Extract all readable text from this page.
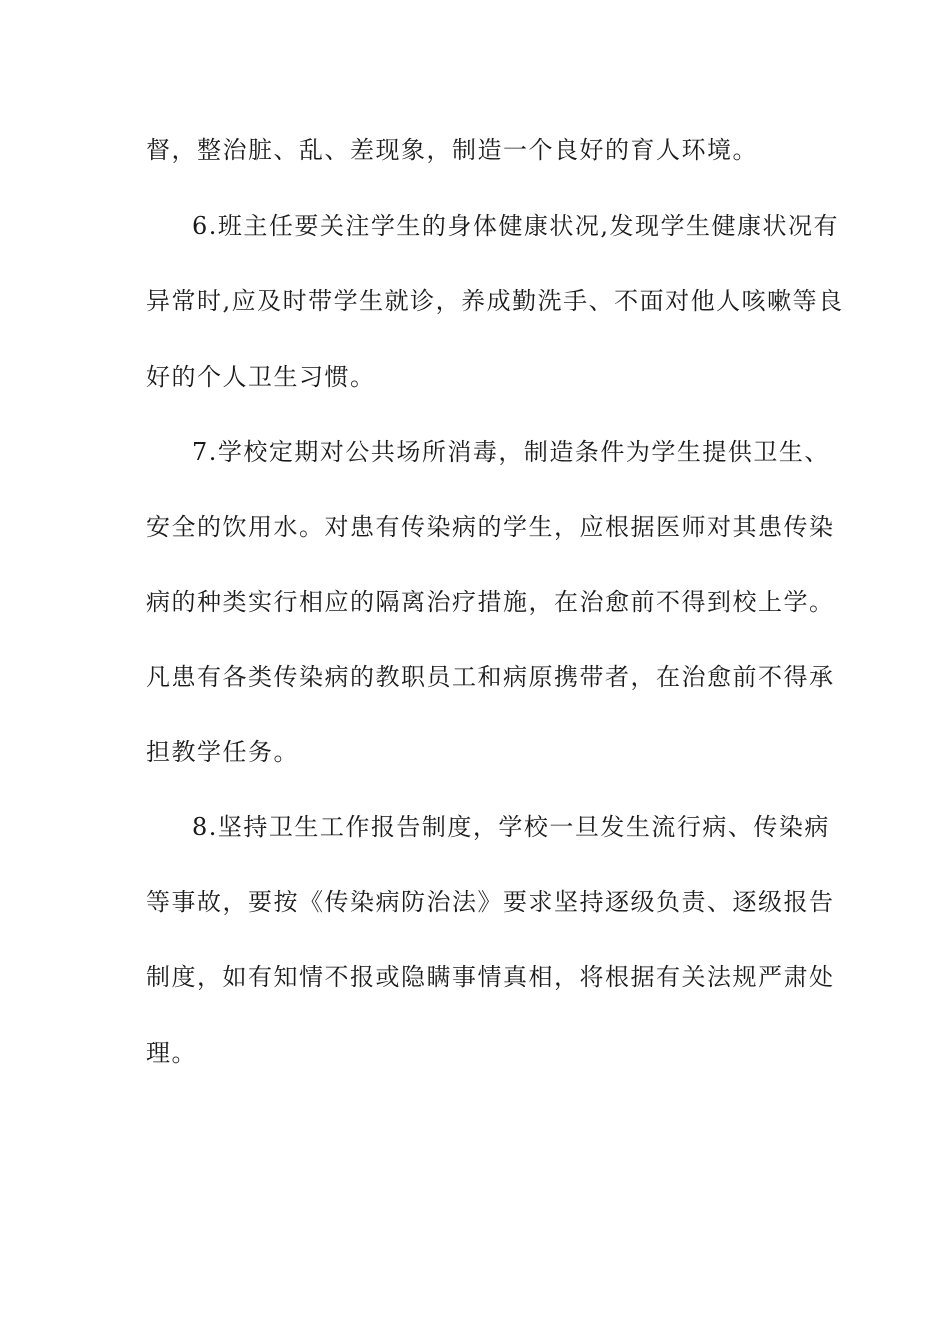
督，整治脏、乱、差现象，制造一个良好的育人环境。
6.班主任要关注学生的身体健康状况,发现学生健康状况有
异常时,应及时带学生就诊，养成勤洗手、不面对他人咳嗽等良
好的个人卫生习惯。
7.学校定期对公共场所消毒，制造条件为学生提供卫生、
安全的饮用水。对患有传染病的学生，应根据医师对其患传染
病的种类实行相应的隔离治疗措施，在治愈前不得到校上学。
凡患有各类传染病的教职员工和病原携带者，在治愈前不得承
担教学任务。
8.坚持卫生工作报告制度，学校一旦发生流行病、传染病
等事故，要按《传染病防治法》要求坚持逐级负责、逐级报告
制度，如有知情不报或隐瞒事情真相，将根据有关法规严肃处
理。
